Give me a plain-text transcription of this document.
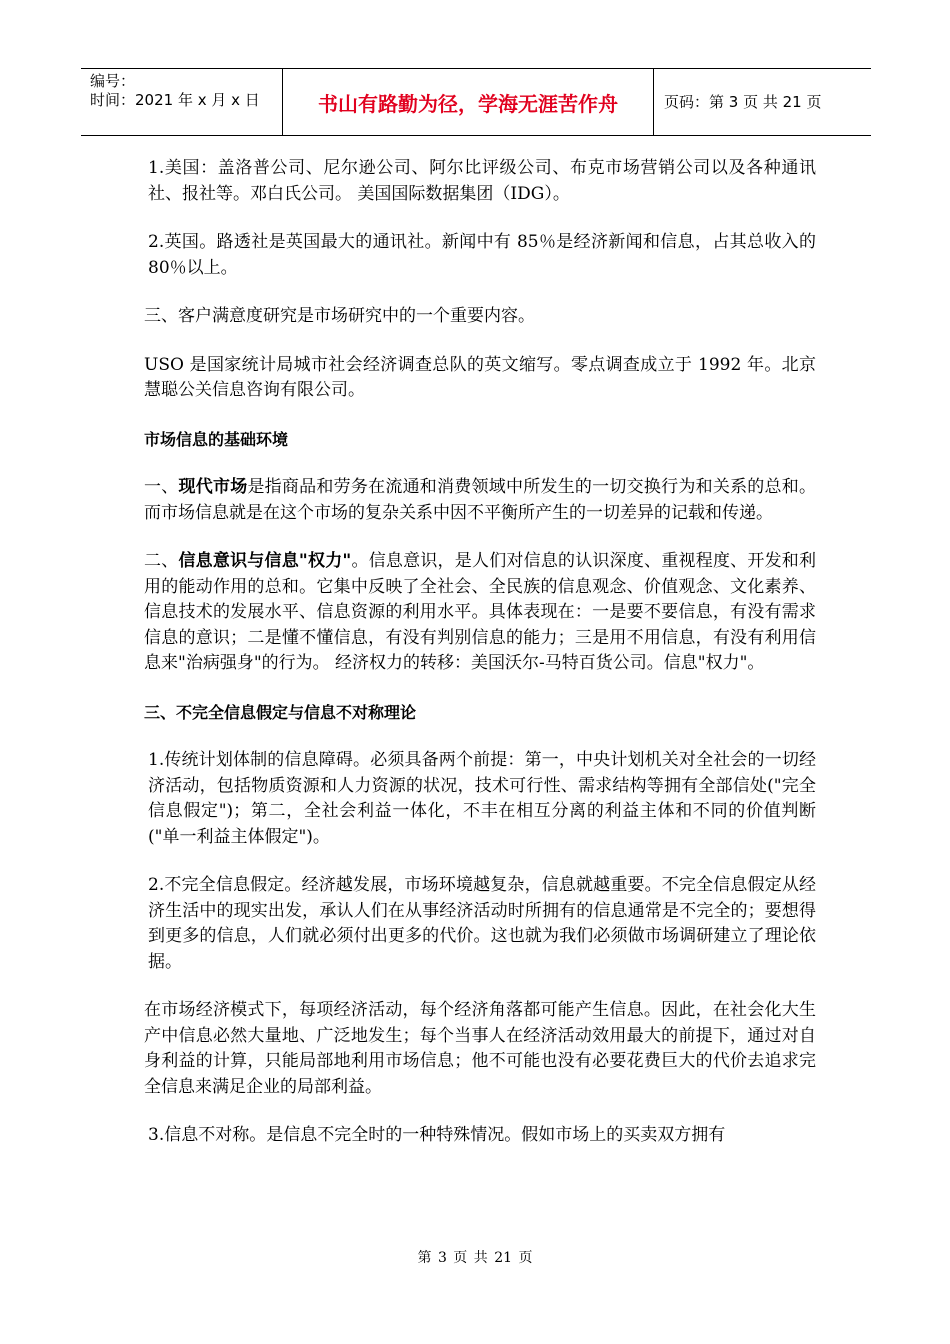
编号：
时间：2021 年 x 月 x 日	书山有路勤为径，学海无涯苦作舟	页码：第 3 页 共 21 页

1.美国：盖洛普公司、尼尔逊公司、阿尔比评级公司、布克市场营销公司以及各种通讯社、报社等。邓白氏公司。 美国国际数据集团（IDG）。

2.英国。路透社是英国最大的通讯社。新闻中有 85％是经济新闻和信息，占其总收入的 80％以上。

三、客户满意度研究是市场研究中的一个重要内容。

USO 是国家统计局城市社会经济调查总队的英文缩写。零点调查成立于 1992 年。北京慧聪公关信息咨询有限公司。

市场信息的基础环境

一、现代市场是指商品和劳务在流通和消费领域中所发生的一切交换行为和关系的总和。而市场信息就是在这个市场的复杂关系中因不平衡所产生的一切差异的记载和传递。

二、信息意识与信息"权力"。信息意识，是人们对信息的认识深度、重视程度、开发和利用的能动作用的总和。它集中反映了全社会、全民族的信息观念、价值观念、文化素养、信息技术的发展水平、信息资源的利用水平。具体表现在：一是要不要信息，有没有需求信息的意识；二是懂不懂信息，有没有判别信息的能力；三是用不用信息，有没有利用信息来"治病强身"的行为。 经济权力的转移：美国沃尔-马特百货公司。信息"权力"。

三、不完全信息假定与信息不对称理论

1.传统计划体制的信息障碍。必须具备两个前提：第一，中央计划机关对全社会的一切经济活动，包括物质资源和人力资源的状况，技术可行性、需求结构等拥有全部信处("完全信息假定")；第二，全社会利益一体化，不丰在相互分离的利益主体和不同的价值判断("单一利益主体假定")。

2.不完全信息假定。经济越发展，市场环境越复杂，信息就越重要。不完全信息假定从经济生活中的现实出发，承认人们在从事经济活动时所拥有的信息通常是不完全的；要想得到更多的信息，人们就必须付出更多的代价。这也就为我们必须做市场调研建立了理论依据。

在市场经济模式下，每项经济活动，每个经济角落都可能产生信息。因此，在社会化大生产中信息必然大量地、广泛地发生；每个当事人在经济活动效用最大的前提下，通过对自身利益的计算，只能局部地利用市场信息；他不可能也没有必要花费巨大的代价去追求完全信息来满足企业的局部利益。

3.信息不对称。是信息不完全时的一种特殊情况。假如市场上的买卖双方拥有

第 3 页 共 21 页
